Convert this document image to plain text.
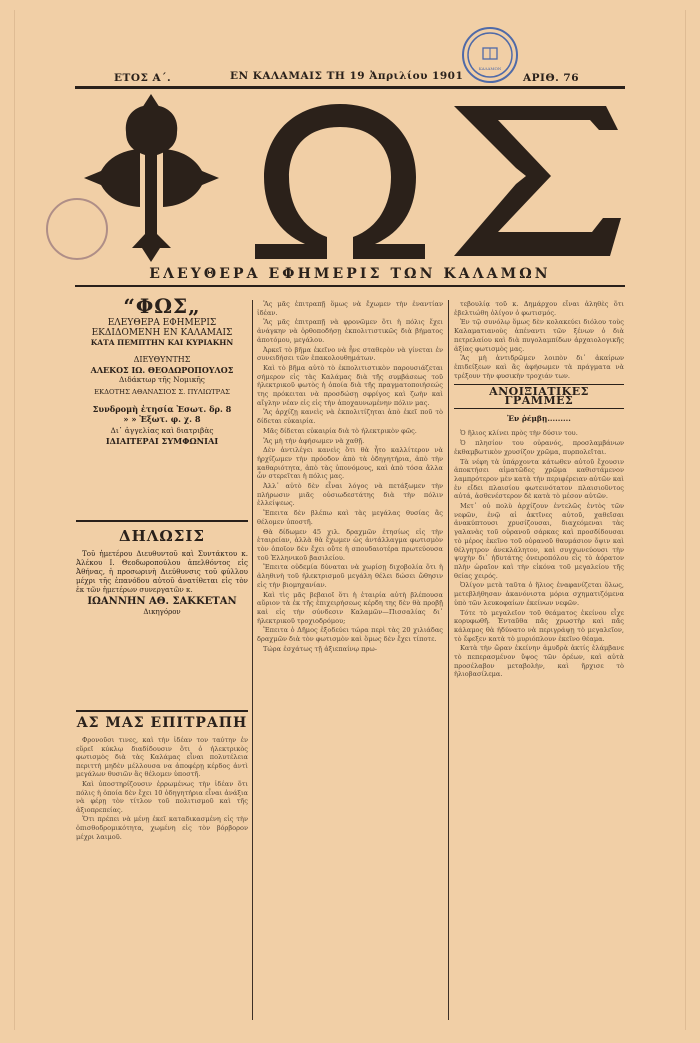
ΕΤΟΣ Α΄.	ΕΝ ΚΑΛΑΜΑΙΣ ΤΗ 19 Ἀπριλίου 1901	ΑΡΙΘ. 76
ΚΑΛΑΜΩΝ
ΕΛΕΥΘΕΡΑ ΕΦΗΜΕΡΙΣ ΤΩΝ ΚΑΛΑΜΩΝ
“ΦΩΣ„
ΕΛΕΥΘΕΡΑ ΕΦΗΜΕΡΙΣ
ΕΚΔΙΔΟΜΕΝΗ ΕΝ ΚΑΛΑΜΑΙΣ
ΚΑΤΑ ΠΕΜΠΤΗΝ ΚΑΙ ΚΥΡΙΑΚΗΝ
ΔΙΕΥΘΥΝΤΗΣ
ΑΛΕΚΟΣ ΙΩ. ΘΕΟΔΩΡΟΠΟΥΛΟΣ
Διδάκτωρ τῆς Νομικῆς
ΕΚΔΟΤΗΣ ΑΘΑΝΑΣΙΟΣ Σ. ΠΥΛΙΩΤΡΑΣ
Συνδρομὴ ἐτησία Ἐσωτ. δρ. 8
» » Ἐξωτ. φ. χ. 8
Δι᾽ ἀγγελίας καὶ διατριβὰς
ΙΔΙΑΙΤΕΡΑΙ ΣΥΜΦΩΝΙΑΙ
ΔΗΛΩΣΙΣ
Τοῦ ἡμετέρου Διευθυντοῦ καὶ Συντάκτου κ. Ἀλέκου Ι. Θεοδωροπούλου ἀπελθόντος εἰς Ἀθήνας, ἡ προσωρινὴ Διεύθυνσις τοῦ φύλλου μέχρι τῆς ἐπανόδου αὐτοῦ ἀνατίθεται εἰς τὸν ἐκ τῶν ἡμετέρων συνεργατῶν κ.
ΙΩΑΝΝΗΝ ΑΘ. ΣΑΚΚΕΤΑΝ
Δικηγόρον
ΑΣ ΜΑΣ ΕΠΙΤΡΑΠΗ
Φρονοῦσι τινες, καὶ τὴν ἰδέαν τον ταύτην ἐν εὕρεῖ κύκλῳ διαδίδουσιν ὅτι ὁ ἠλεκτρικὸς φωτισμὸς διὰ τὰς Καλάμας εἶναι πολυτέλεια περιττὴ μηδὲν μέλλουσα να ἀποφέρῃ κέρδος ἀντὶ μεγάλων θυσιῶν ἃς θέλομεν ὑποστῆ.
Καὶ ὑποστηρίζουσιν ἐρρωμένως τὴν ἰδέαν ὅτι πόλις ἡ ὁποία δὲν ἔχει 10 ὁδηγητήρια εἶναι ἀνάξια νὰ φέρῃ τὸν τίτλον τοῦ πολιτισμοῦ καὶ τῆς ἀξιοπρεπείας.
Ὅτι πρέπει νὰ μένῃ ἐκεῖ καταδικασμένη εἰς τὴν ὀπισθοδρομικότητα, χωμένη εἰς τὸν βόρβορον μέχρι λαιμοῦ.
Ἂς μᾶς ἐπιτραπῇ ὅμως νὰ ἔχωμεν τὴν ἐναντίαν ἰδέαν.
Ἂς μᾶς ἐπιτραπῇ νὰ φρονῶμεν ὅτι ἡ πόλις ἔχει ἀνάγκην νὰ ὀρθοποδήσῃ ἐκπολιτιστικῶς διὰ βήματος ἀποτόμου, μεγάλου.
Ἀρκεῖ τὸ βῆμα ἐκεῖνο νὰ ἦνε σταθερὸν νὰ γίνεται ἐν συνειδήσει τῶν ἐπακολουθημάτων.
Καὶ τὸ βῆμα αὐτὸ τὸ ἐκπολιτιστικὸν παρουσιάζεται σήμερον εἰς τὰς Καλάμας διὰ τῆς συμβάσεως τοῦ ἠλεκτρικοῦ φωτὸς ἡ ὁποία διὰ τῆς πραγματοποιήσεώς της πρόκειται νὰ προσδώσῃ σφρίγος καὶ ζωὴν καὶ αἴγλην νέαν εἰς εἰς τὴν ἀποχαυνωμένην πόλιν μας.
Ἂς ἀρχίζῃ κανεὶς νὰ ἐκπολιτίζηται ἀπὸ ἐκεῖ ποῦ τὸ δίδεται εὐκαιρία.
Μᾶς δίδεται εὐκαιρία διὰ τὸ ἠλεκτρικὸν φῶς.
Ἂς μὴ τὴν ἀφήσωμεν νὰ χαθῇ.
Δὲν ἀντιλέγει κανεὶς ὅτι θὰ ἦτο καλλίτερον νὰ ἠρχίζωμεν τὴν πρόοδον ἀπὸ τὰ ὁδηγητήρια, ἀπὸ τὴν καθαριότητα, ἀπὸ τὰς ὑπονόμους, καὶ ἀπὸ τόσα ἄλλα ὧν στερεῖται ἡ πόλις μας.
Ἀλλ᾽ αὐτὸ δὲν εἶναι λόγος νὰ πετάξωμεν τὴν πλήρωσιν μιᾶς οὐσιωδεστάτης διὰ τὴν πόλιν ἐλλείψεως.
Ἔπειτα δὲν βλέπω καὶ τὰς μεγάλας θυσίας ἃς θέλομεν ὑποστῆ.
Θὰ δίδωμεν 45 χιλ. δραχμῶν ἐτησίως εἰς τὴν ἑταιρείαν, ἀλλὰ θὰ ἔχωμεν ὡς ἀντάλλαγμα φωτισμὸν τὸν ὁποῖον δὲν ἔχει οὔτε ἡ σπουδαιοτέρα πρωτεύουσα τοῦ Ἑλληνικοῦ βασιλείου.
Ἔπειτα οὐδεμία δύναται νὰ χωρίσῃ διχοβολία ὅτι ἡ ἀληθινὴ τοῦ ἠλεκτρισμοῦ μεγάλη θέλει δώσει ὤθησιν εἰς τὴν βιομηχανίαν.
Καὶ τὶς μᾶς βεβαιοῖ ὅτι ἡ ἑταιρία αὐτὴ βλέπουσα αὔριον τὰ ἐκ τῆς ἐπιχειρήσεως κέρδη της δὲν θὰ προβῇ καὶ εἰς τὴν σύνδεσιν Καλαμῶν—Πισσαλίας δι᾽ ἠλεκτρικοῦ τροχιοδρόμου;
Ἔπειτα ὁ Δῆμος ἐξοδεύει τώρα περὶ τὰς 20 χιλιάδας δραχμῶν διὰ τὸν φωτισμὸν καὶ ὅμως δὲν ἔχει τίποτε.
Τώρα ἐσχάτως τῇ ἀξιεπαίνῳ πρω-
τεβουλίᾳ τοῦ κ. Δημάρχου εἶναι ἀληθὲς ὅτι ἐβελτιώθη ὀλίγον ὁ φωτισμός.
Ἐν τῷ συνόλῳ ὅμως δὲν κολακεύει διόλου τοὺς Καλαματιανοὺς ἀπέναντι τῶν ξένων ὁ διὰ πετρελαίου καὶ διὰ πυγολαμπίδων ἀρχαιολογικῆς ἀξίας φωτισμὸς μας.
Ἂς μὴ ἀντιδρῶμεν λοιπὸν δι᾽ ἀκαίρων ἐπιδείξεων καὶ ἂς ἀφήσωμεν τὰ πράγματα νὰ τρέξουν τὴν φυσικὴν τροχιάν των.
ΑΝΟΙΞΙΑΤΙΚΕΣ ΓΡΑΜΜΕΣ
Ἐν ῥέμβῃ.........
Ὁ ἥλιος κλίνει πρὸς τὴν δύσιν του.
Ὁ πλησίον του οὐρανός, προσλαμβάνων ἐκθαμβωτικὸν χρυσίζον χρῶμα, πυρπολεῖται.
Τὰ νέφη τὰ ὑπάρχοντα κάτωθεν αὐτοῦ ἔχουσιν ἀποκτήσει αἱματῶδες χρῶμα καθιστάμενον λαμπρότερον μὲν κατὰ τὴν περιφέρειαν αὐτῶν καὶ ἐν εἴδει πλαισίου φωτεινότατον πλαισιοῦντος αὐτά, ἀσθενέστερον δὲ κατὰ τὸ μέσον αὐτῶν.
Μετ᾽ οὐ πολὺ ἀρχίζουν ἐντελῶς ἐντὸς τῶν νεφῶν, ἐνῷ αἱ ἀκτῖνες αὐτοῦ, χαθεῖσαι ἀνακύπτουσι χρυσίζουσαι, διαχεόμεναι τὰς γαλανὰς τοῦ οὐρανοῦ σάρκας καὶ προσδίδουσαι τὸ μέρος ἐκεῖνο τοῦ οὐρανοῦ θαυμάσιον ὄψιν καὶ θέλγητρον ἀνεκλάλητον, καὶ συγχωνεύουσι τὴν ψυχὴν δι᾽ ἡδυτάτης ὀνειροπόλου εἰς τὸ ἀόρατον πλὴν ὡραῖον καὶ τὴν εἰκόνα τοῦ μεγαλείου τῆς θείας χειρός.
Ὀλίγον μετὰ ταῦτα ὁ ἥλιος ἐναφανίζεται ὅλως, μετεβλήθησαν ἀκανόνιστα μόρια σχηματιζόμενα ὑπὸ τῶν λευκοφαίων ἐκείνων νεφῶν.
Τότε τὸ μεγαλεῖον τοῦ θεάματος ἐκείνου εἶχε κορυφωθῆ. Ἐνταῦθα πᾶς χρωστὴρ καὶ πᾶς κάλαμος θὰ ἠδύνατο νὰ περιγράψῃ τὸ μεγαλεῖον, τὸ ἔφεξεν κατὰ τὸ μυριόπλουν ἐκεῖνο θέαμα.
Κατὰ τὴν ὥραν ἐκείνην ἀμυδρὰ ἀκτίς ἐλάμβανε τὸ πεπερασμένον ὕψος τῶν ὀρέων, καὶ αὐτὰ προσέλαβον μεταβολὴν, καὶ ἤρχισε τὸ ἡλιοβασίλεμα.
